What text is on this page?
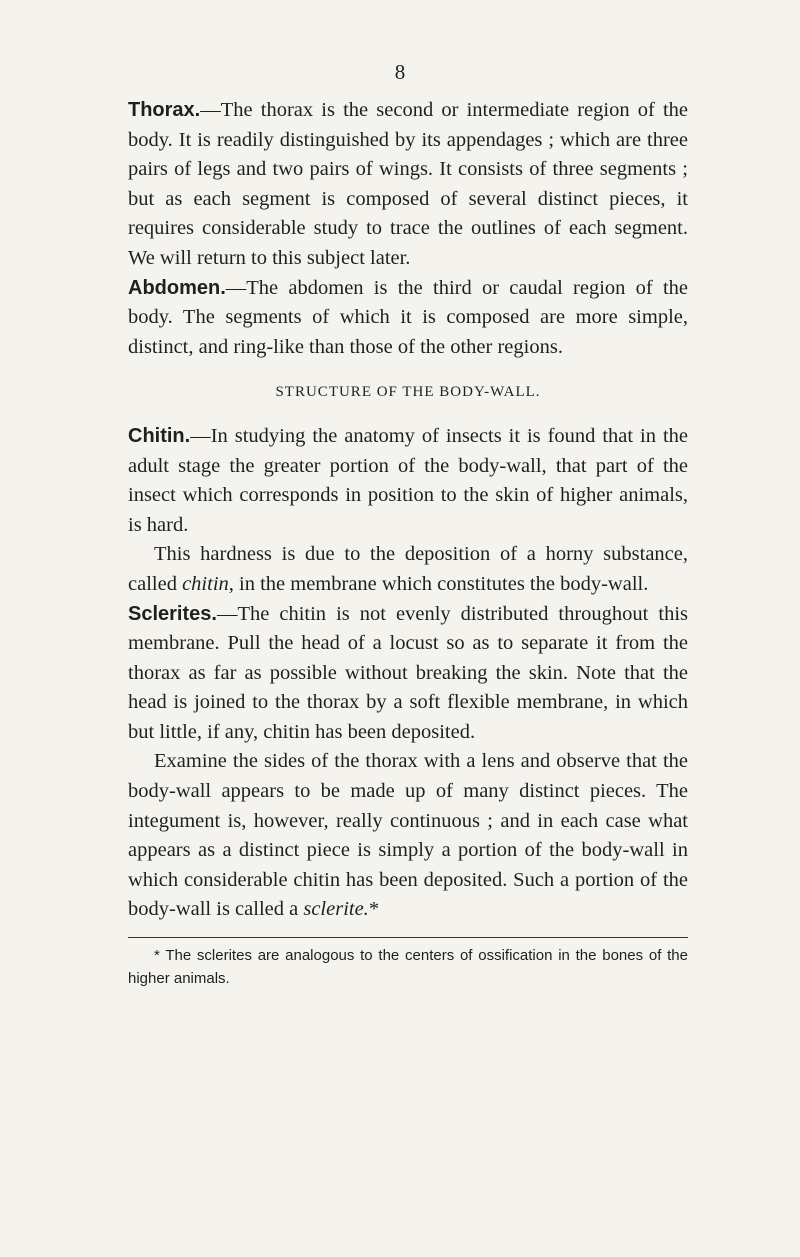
8

Thorax.—The thorax is the second or intermediate region of the body. It is readily distinguished by its appendages ; which are three pairs of legs and two pairs of wings. It consists of three segments ; but as each segment is composed of several distinct pieces, it requires considerable study to trace the outlines of each segment. We will return to this subject later.

Abdomen.—The abdomen is the third or caudal region of the body. The segments of which it is composed are more simple, distinct, and ring-like than those of the other regions.

STRUCTURE OF THE BODY-WALL.

Chitin.—In studying the anatomy of insects it is found that in the adult stage the greater portion of the body-wall, that part of the insect which corresponds in position to the skin of higher animals, is hard.

This hardness is due to the deposition of a horny substance, called chitin, in the membrane which constitutes the body-wall.

Sclerites.—The chitin is not evenly distributed throughout this membrane. Pull the head of a locust so as to separate it from the thorax as far as possible without breaking the skin. Note that the head is joined to the thorax by a soft flexible membrane, in which but little, if any, chitin has been deposited.

Examine the sides of the thorax with a lens and observe that the body-wall appears to be made up of many distinct pieces. The integument is, however, really continuous ; and in each case what appears as a distinct piece is simply a portion of the body-wall in which considerable chitin has been deposited. Such a portion of the body-wall is called a sclerite.*

* The sclerites are analogous to the centers of ossification in the bones of the higher animals.
